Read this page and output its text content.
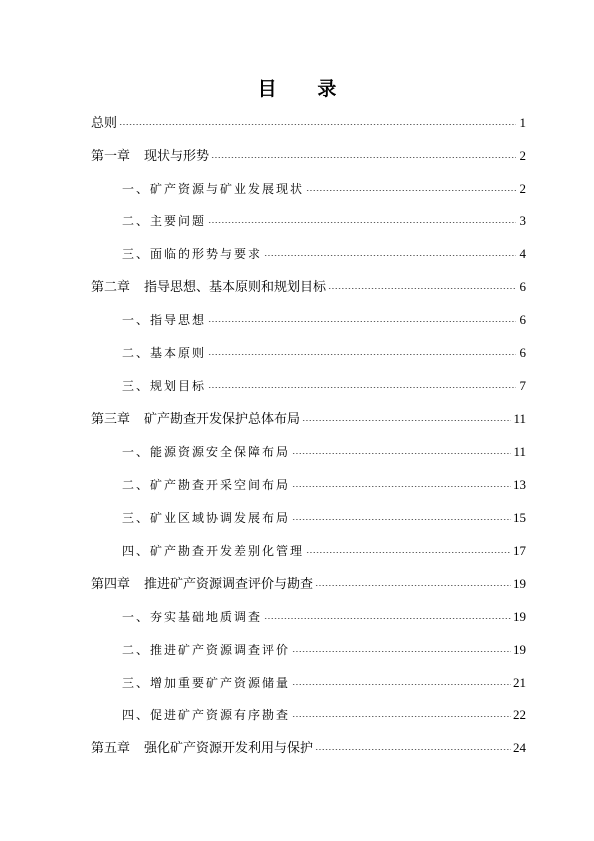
目 录
总则	1
第一章 现状与形势	2
一、矿产资源与矿业发展现状	2
二、主要问题	3
三、面临的形势与要求	4
第二章 指导思想、基本原则和规划目标	6
一、指导思想	6
二、基本原则	6
三、规划目标	7
第三章 矿产勘查开发保护总体布局	11
一、能源资源安全保障布局	11
二、矿产勘查开采空间布局	13
三、矿业区域协调发展布局	15
四、矿产勘查开发差别化管理	17
第四章 推进矿产资源调查评价与勘查	19
一、夯实基础地质调查	19
二、推进矿产资源调查评价	19
三、增加重要矿产资源储量	21
四、促进矿产资源有序勘查	22
第五章 强化矿产资源开发利用与保护	24
